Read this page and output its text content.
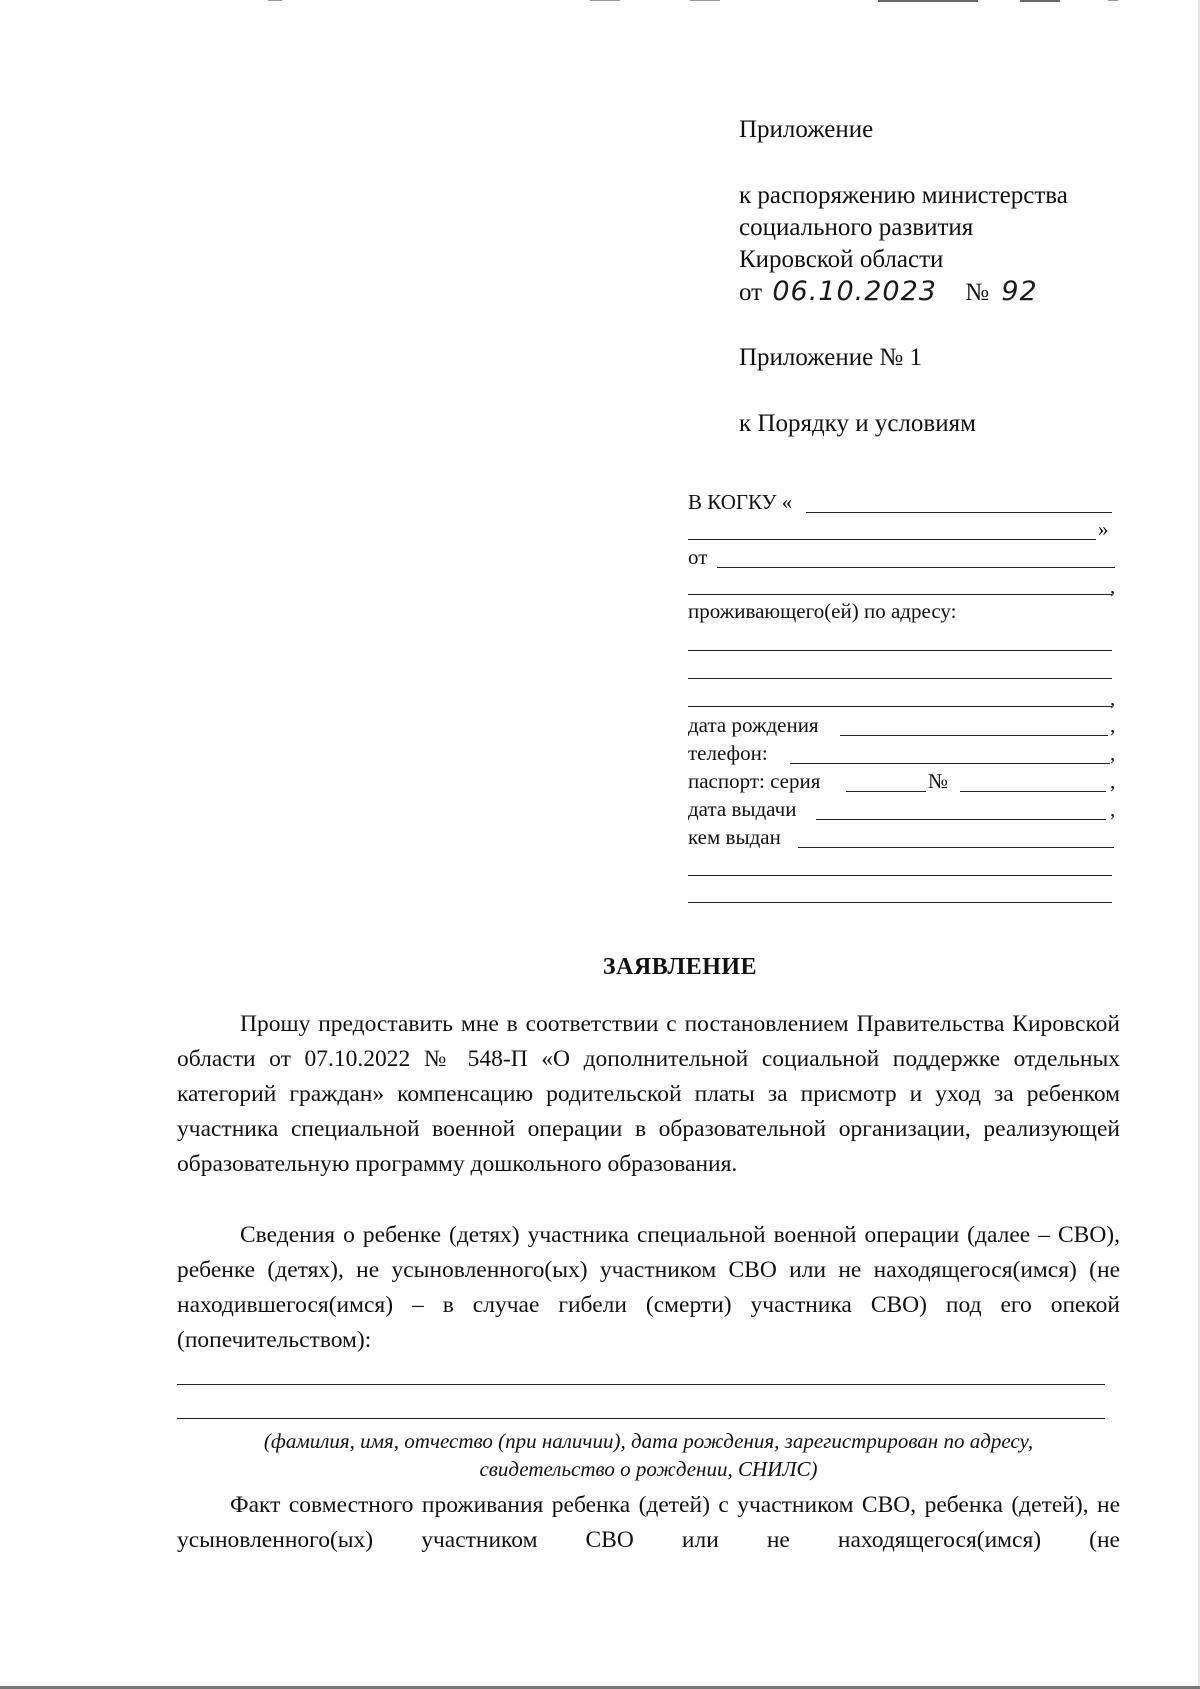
Приложение
к распоряжению министерства
социального развития
Кировской области
от 06.10.2023 № 92
Приложение № 1
к Порядку и условиям
В КОГКУ «
»
от
,
проживающего(ей) по адресу:
,
дата рождения	,
телефон:	,
паспорт: серия	№	,
дата выдачи	,
кем выдан
ЗАЯВЛЕНИЕ
Прошу предоставить мне в соответствии с постановлением Правительства Кировской области от 07.10.2022 № 548-П «О дополнительной социальной поддержке отдельных категорий граждан» компенсацию родительской платы за присмотр и уход за ребенком участника специальной военной операции в образовательной организации, реализующей образовательную программу дошкольного образования.
Сведения о ребенке (детях) участника специальной военной операции (далее – СВО), ребенке (детях), не усыновленного(ых) участником СВО или не находящегося(имся) (не находившегося(имся) – в случае гибели (смерти) участника СВО) под его опекой (попечительством):
(фамилия, имя, отчество (при наличии), дата рождения, зарегистрирован по адресу,
свидетельство о рождении, СНИЛС)
Факт совместного проживания ребенка (детей) с участником СВО, ребенка (детей), не усыновленного(ых) участником СВО или не находящегося(имся) (не
